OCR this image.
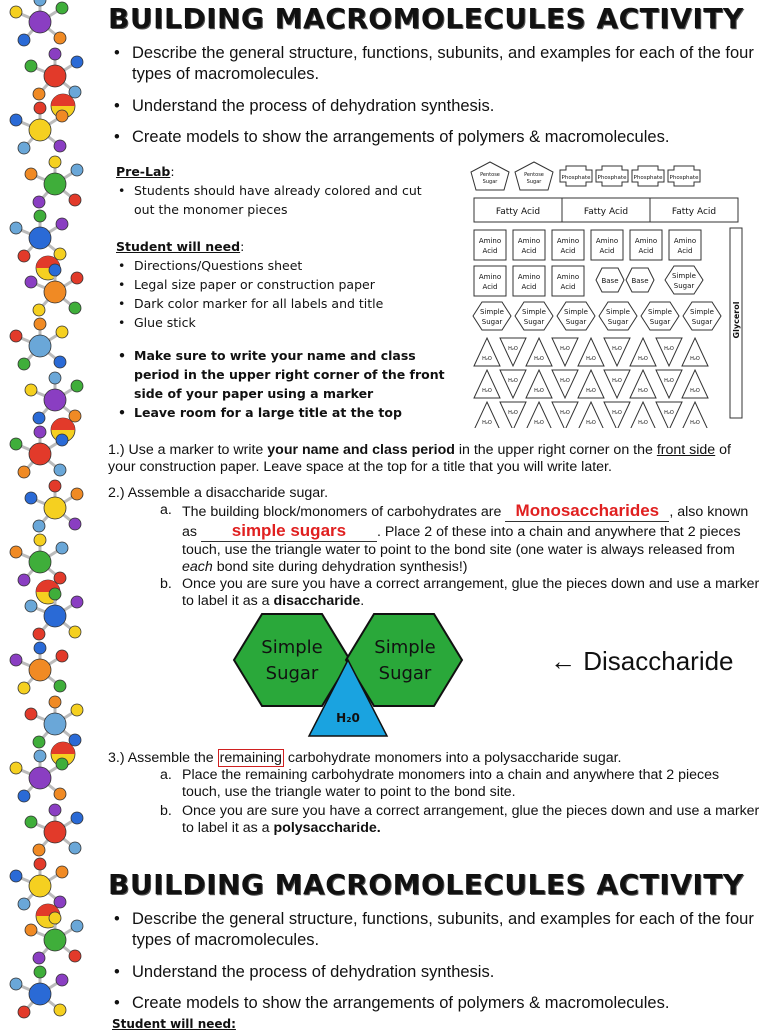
BUILDING MACROMOLECULES ACTIVITY
• Describe the general structure, functions, subunits, and examples for each of the four types of macromolecules.
• Understand the process of dehydration synthesis.
• Create models to show the arrangements of polymers & macromolecules.
Pre-Lab:
• Students should have already colored and cut out the monomer pieces
Student will need:
• Directions/Questions sheet
• Legal size paper or construction paper
• Dark color marker for all labels and title
• Glue stick
• Make sure to write your name and class period in the upper right corner of the front side of your paper using a marker
• Leave room for a large title at the top
Pentose
Sugar
Pentose
Sugar
Phosphate Phosphate Phosphate Phosphate
Fatty Acid	Fatty Acid	Fatty Acid
Amino
Acid
Amino
Acid
Amino
Acid
Amino
Acid
Amino
Acid
Amino
Acid
Amino
Acid
Amino
Acid
Amino
Acid
Base Base
Simple
Sugar
Simple
Sugar
Simple
Sugar
Simple
Sugar
Simple
Sugar
Simple
Sugar
Simple
Sugar
H₂O
H₂O
H₂O
H₂O
H₂O
H₂O
H₂O
H₂O
H₂O
H₂O
H₂O
H₂O
H₂O
H₂O
H₂O
H₂O
H₂O
H₂O
H₂O
H₂O
H₂O
H₂O
H₂O
H₂O
H₂O
H₂O
H₂O
Glycerol
1.) Use a marker to write your name and class period in the upper right corner on the front side of your construction paper. Leave space at the top for a title that you will write later.
2.) Assemble a disaccharide sugar.
a. The building block/monomers of carbohydrates are Monosaccharides , also known as simple sugars . Place 2 of these into a chain and anywhere that 2 pieces touch, use the triangle water to point to the bond site (one water is always released from each bond site during dehydration synthesis!)
b. Once you are sure you have a correct arrangement, glue the pieces down and use a marker to label it as a disaccharide.
Simple
Sugar
Simple
Sugar
H₂0
← Disaccharide
3.) Assemble the remaining carbohydrate monomers into a polysaccharide sugar.
a. Place the remaining carbohydrate monomers into a chain and anywhere that 2 pieces touch, use the triangle water to point to the bond site.
b. Once you are sure you have a correct arrangement, glue the pieces down and use a marker to label it as a polysaccharide.
BUILDING MACROMOLECULES ACTIVITY
• Describe the general structure, functions, subunits, and examples for each of the four types of macromolecules.
• Understand the process of dehydration synthesis.
• Create models to show the arrangements of polymers & macromolecules.
Student will need:
